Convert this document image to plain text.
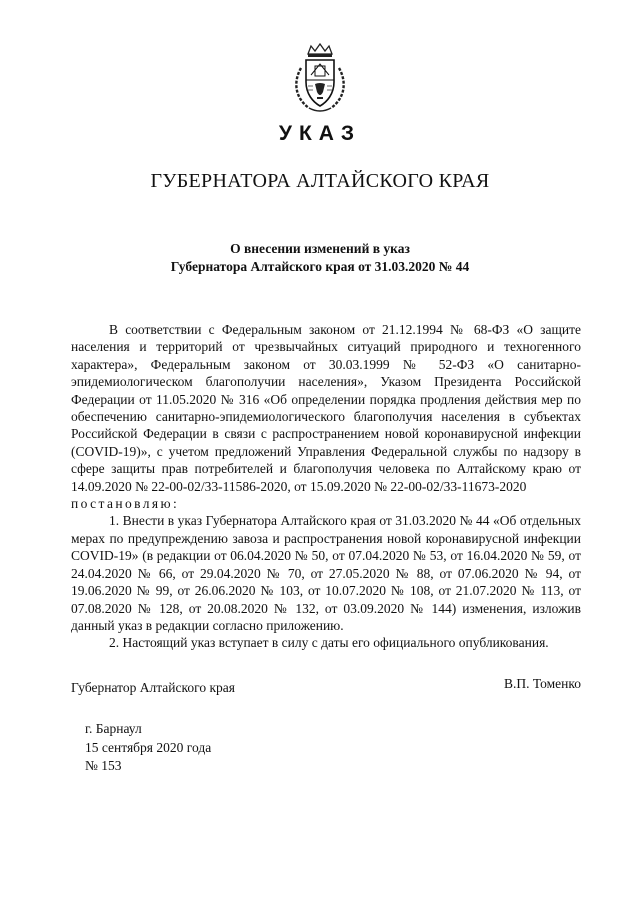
УКАЗ
ГУБЕРНАТОРА АЛТАЙСКОГО КРАЯ
О внесении изменений в указ
Губернатора Алтайского края от 31.03.2020 № 44

В соответствии с Федеральным законом от 21.12.1994 № 68-ФЗ «О защите населения и территорий от чрезвычайных ситуаций природного и техногенного характера», Федеральным законом от 30.03.1999 № 52-ФЗ «О санитарно-эпидемиологическом благополучии населения», Указом Президента Российской Федерации от 11.05.2020 № 316 «Об определении порядка продления действия мер по обеспечению санитарно-эпидемиологического благополучия населения в субъектах Российской Федерации в связи с распространением новой коронавирусной инфекции (COVID-19)», с учетом предложений Управления Федеральной службы по надзору в сфере защиты прав потребителей и благополучия человека по Алтайскому краю от 14.09.2020 № 22-00-02/33-11586-2020, от 15.09.2020 № 22-00-02/33-11673-2020

постановляю:

1. Внести в указ Губернатора Алтайского края от 31.03.2020 № 44 «Об отдельных мерах по предупреждению завоза и распространения новой коронавирусной инфекции COVID-19» (в редакции от 06.04.2020 № 50, от 07.04.2020 № 53, от 16.04.2020 № 59, от 24.04.2020 № 66, от 29.04.2020 № 70, от 27.05.2020 № 88, от 07.06.2020 № 94, от 19.06.2020 № 99, от 26.06.2020 № 103, от 10.07.2020 № 108, от 21.07.2020 № 113, от 07.08.2020 № 128, от 20.08.2020 № 132, от 03.09.2020 № 144) изменения, изложив данный указ в редакции согласно приложению.

2. Настоящий указ вступает в силу с даты его официального опубликования.

Губернатор Алтайского края	В.П. Томенко
г. Барнаул
15 сентября 2020 года
№ 153
